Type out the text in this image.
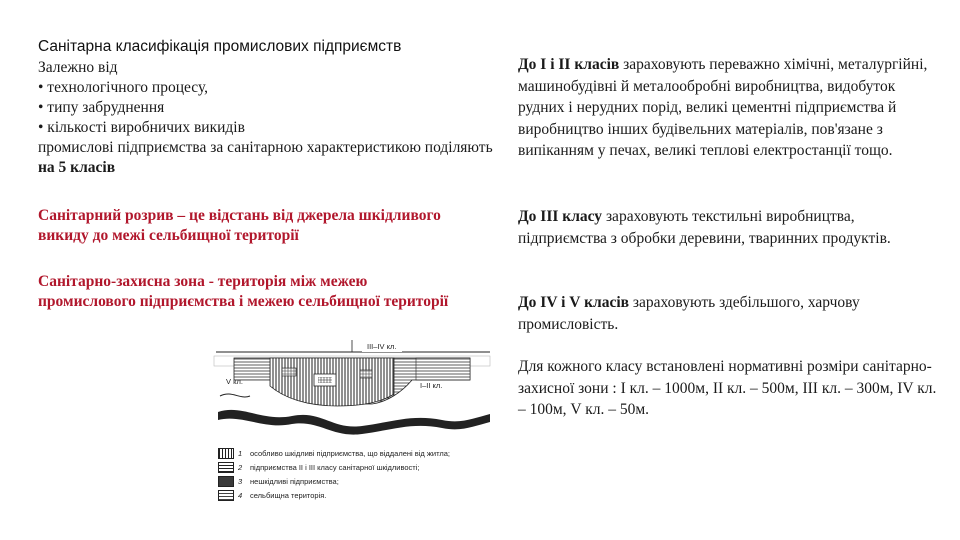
Санітарна класифікація промислових підприємств
Залежно від
• технологічного процесу,
• типу забруднення
• кількості виробничих викидів
промислові підприємства за санітарною характеристикою поділяють на 5 класів
Санітарний розрив – це відстань від джерела шкідливого викиду до межі сельбищної території
Санітарно-захисна зона - територія між межею промислового підприємства і межею сельбищної території
До I і II класів зараховують переважно хімічні, металургійні, машинобудівні й металообробні виробництва, видобуток рудних і нерудних порід, великі цементні підприємства й виробництво інших будівельних матеріалів, пов'язане з випіканням у печах, великі теплові електростанції тощо.
До III класу зараховують текстильні виробництва, підприємства з обробки деревини, тваринних продуктів.
До IV і V класів зараховують здебільшого, харчову промисловість.
Для кожного класу встановлені нормативні розміри санітарно-захисної зони : I кл. – 1000м, II кл. – 500м, III кл. – 300м, IV кл. – 100м, V кл. – 50м.
III–IV кл.
V кл.	I–II кл.
1 особливо шкідливі підприємства, що віддалені від житла;
2 підприємства II і III класу санітарної шкідливості;
3 нешкідливі підприємства;
4 сельбищна територія.
